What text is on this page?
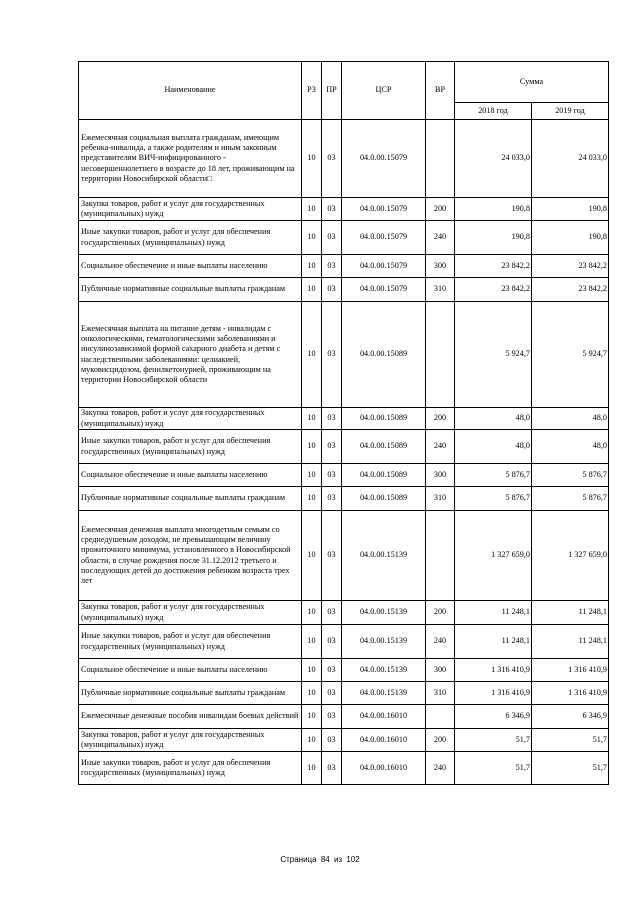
Наименование	РЗ	ПР	ЦСР	ВР	Сумма	
					2018 год	2019 год
Ежемесячная социальная выплата гражданам, имеющим ребенка-инвалида, а также родителям и иным законным представителям ВИЧ-инфицированного - несовершеннолетнего в возрасте до 18 лет, проживающим на территории Новосибирской области□	10	03	04.0.00.15079		24 033,0	24 033,0
Закупка товаров, работ и услуг для государственных (муниципальных) нужд	10	03	04.0.00.15079	200	190,8	190,8
Иные закупки товаров, работ и услуг для обеспечения государственных (муниципальных) нужд	10	03	04.0.00.15079	240	190,8	190,8
Социальное обеспечение и иные выплаты населению	10	03	04.0.00.15079	300	23 842,2	23 842,2
Публичные нормативные социальные выплаты гражданам	10	03	04.0.00.15079	310	23 842,2	23 842,2
Ежемесячная выплата на питание детям - инвалидам с онкологическими, гематологическими заболеваниями и инсулинозависимой формой сахарного диабета и детям с наследственными заболеваниями: целиакией, муковисцидозом, фенилкетонурией, проживающим на территории Новосибирской области	10	03	04.0.00.15089		5 924,7	5 924,7
Закупка товаров, работ и услуг для государственных (муниципальных) нужд	10	03	04.0.00.15089	200	48,0	48,0
Иные закупки товаров, работ и услуг для обеспечения государственных (муниципальных) нужд	10	03	04.0.00.15089	240	48,0	48,0
Социальное обеспечение и иные выплаты населению	10	03	04.0.00.15089	300	5 876,7	5 876,7
Публичные нормативные социальные выплаты гражданам	10	03	04.0.00.15089	310	5 876,7	5 876,7
Ежемесячная денежная выплата многодетным семьям со среднедушевым доходом, не превышающим величину прожиточного минимума, установленного в Новосибирской области, в случае рождения после 31.12.2012 третьего и последующих детей до достижения ребенком возраста трех лет	10	03	04.0.00.15139		1 327 659,0	1 327 659,0
Закупка товаров, работ и услуг для государственных (муниципальных) нужд	10	03	04.0.00.15139	200	11 248,1	11 248,1
Иные закупки товаров, работ и услуг для обеспечения государственных (муниципальных) нужд	10	03	04.0.00.15139	240	11 248,1	11 248,1
Социальное обеспечение и иные выплаты населению	10	03	04.0.00.15139	300	1 316 410,9	1 316 410,9
Публичные нормативные социальные выплаты гражданам	10	03	04.0.00.15139	310	1 316 410,9	1 316 410,9
Ежемесячные денежные пособия инвалидам боевых действий	10	03	04.0.00.16010		6 346,9	6 346,9
Закупка товаров, работ и услуг для государственных (муниципальных) нужд	10	03	04.0.00.16010	200	51,7	51,7
Иные закупки товаров, работ и услуг для обеспечения государственных (муниципальных) нужд	10	03	04.0.00.16010	240	51,7	51,7
Страница 84 из 102
